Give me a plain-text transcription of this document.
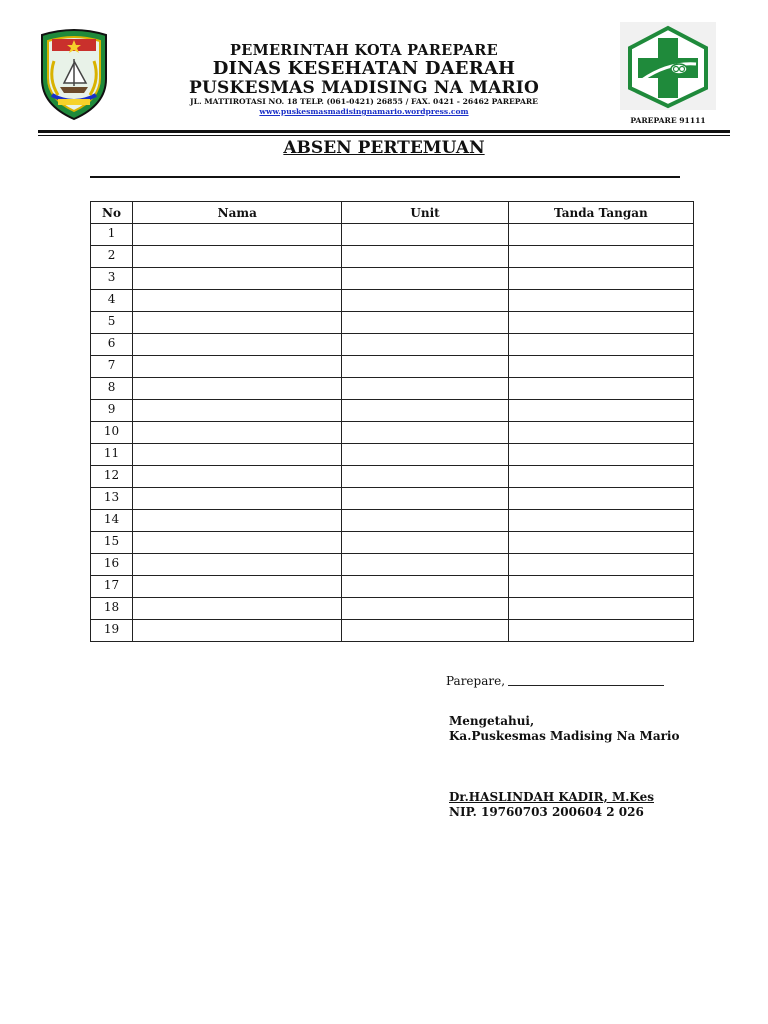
PEMERINTAH KOTA PAREPARE
DINAS KESEHATAN DAERAH
PUSKESMAS MADISING NA MARIO
JL. MATTIROTASI NO. 18 TELP. (061-0421) 26855 / FAX. 0421 - 26462 PAREPARE
www.puskesmasmadisingnamario.wordpress.com
PAREPARE 91111
ABSEN PERTEMUAN
No	Nama	Unit	Tanda Tangan
1			
2			
3			
4			
5			
6			
7			
8			
9			
10			
11			
12			
13			
14			
15			
16			
17			
18			
19			
Parepare,
Mengetahui,
Ka.Puskesmas Madising Na Mario
Dr.HASLINDAH KADIR, M.Kes
NIP. 19760703 200604 2 026
